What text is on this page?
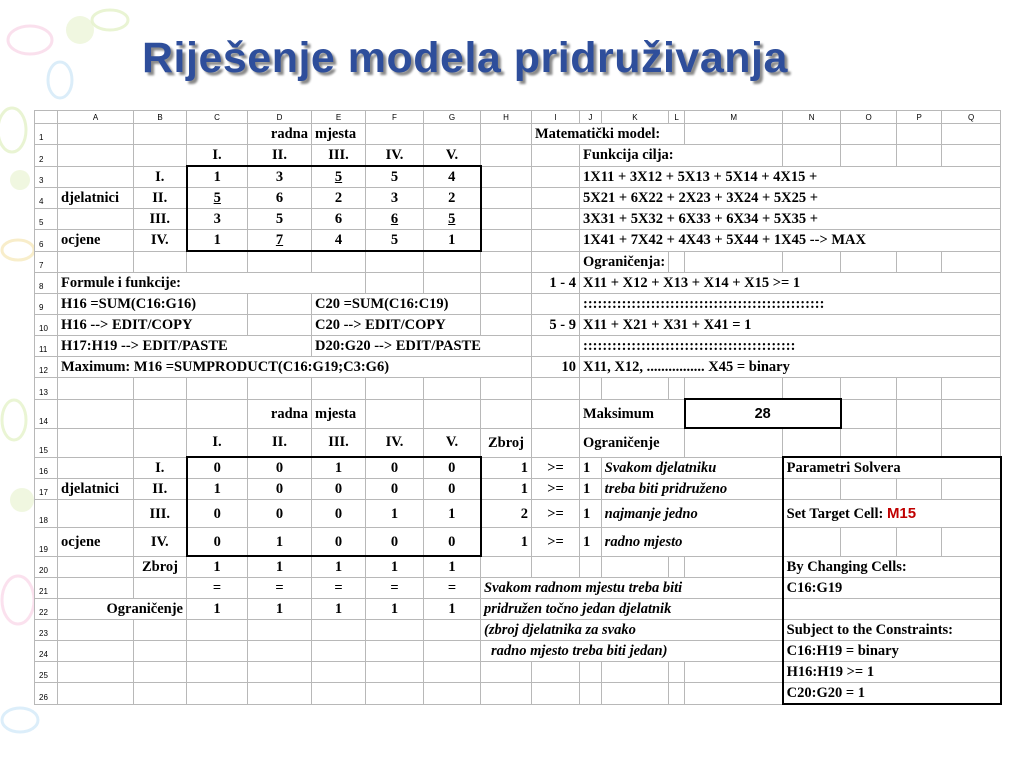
Riješenje modela pridruživanja
	A	B	C	D	E	F	G	H	I	J	K	L	M	N	O	P	Q
1				radna	mjesta				Matematički model:								
2			I.	II.	III.	IV.	V.			Funkcija cilja:							
3		I.	1	3	5	5	4			1X11 + 3X12 + 5X13 + 5X14 + 4X15 +							
4	djelatnici	II.	5	6	2	3	2			5X21 + 6X22 + 2X23 + 3X24 + 5X25 +							
5		III.	3	5	6	6	5			3X31 + 5X32 + 6X33 + 6X34 + 5X35 +							
6	ocjene	IV.	1	7	4	5	1			1X41 + 7X42 + 4X43 + 5X44 + 1X45 --> MAX							
7										Ograničenja:							
8	Formule i funkcije:								1 - 4	X11 + X12 + X13 + X14 + X15 >= 1							
9	H16 =SUM(C16:G16)				C20 =SUM(C16:C19)					::::::::::::::::::::::::::::::::::::::::::::::::::							
10	H16 --> EDIT/COPY				C20 --> EDIT/COPY				5 - 9	X11 + X21 + X31 + X41 = 1							
11	H17:H19 --> EDIT/PASTE				D20:G20 --> EDIT/PASTE					::::::::::::::::::::::::::::::::::::::::::::							
12	Maximum: M16 =SUMPRODUCT(C16:G19;C3:G6)								10	X11, X12, ................ X45 = binary							
13																	
14				radna	mjesta					Maksimum			28				
15			I.	II.	III.	IV.	V.	Zbroj		Ograničenje							
16		I.	0	0	1	0	0	1	>=	1	Svakom djelatniku			Parametri Solvera			
17	djelatnici	II.	1	0	0	0	0	1	>=	1	treba biti pridruženo						
18		III.	0	0	0	1	1	2	>=	1	najmanje jedno			Set Target Cell: M15			
19	ocjene	IV.	0	1	0	0	0	1	>=	1	radno mjesto						
20		Zbroj	1	1	1	1	1							By Changing Cells:			
21			=	=	=	=	=	Svakom radnom mjestu treba biti						C16:G19			
22	Ograničenje		1	1	1	1	1	pridružen točno jedan djelatnik									
23								(zbroj djelatnika za svako						Subject to the Constraints:			
24								radno mjesto treba biti jedan)						C16:H19 = binary			
25														H16:H19 >= 1			
26														C20:G20 = 1			
